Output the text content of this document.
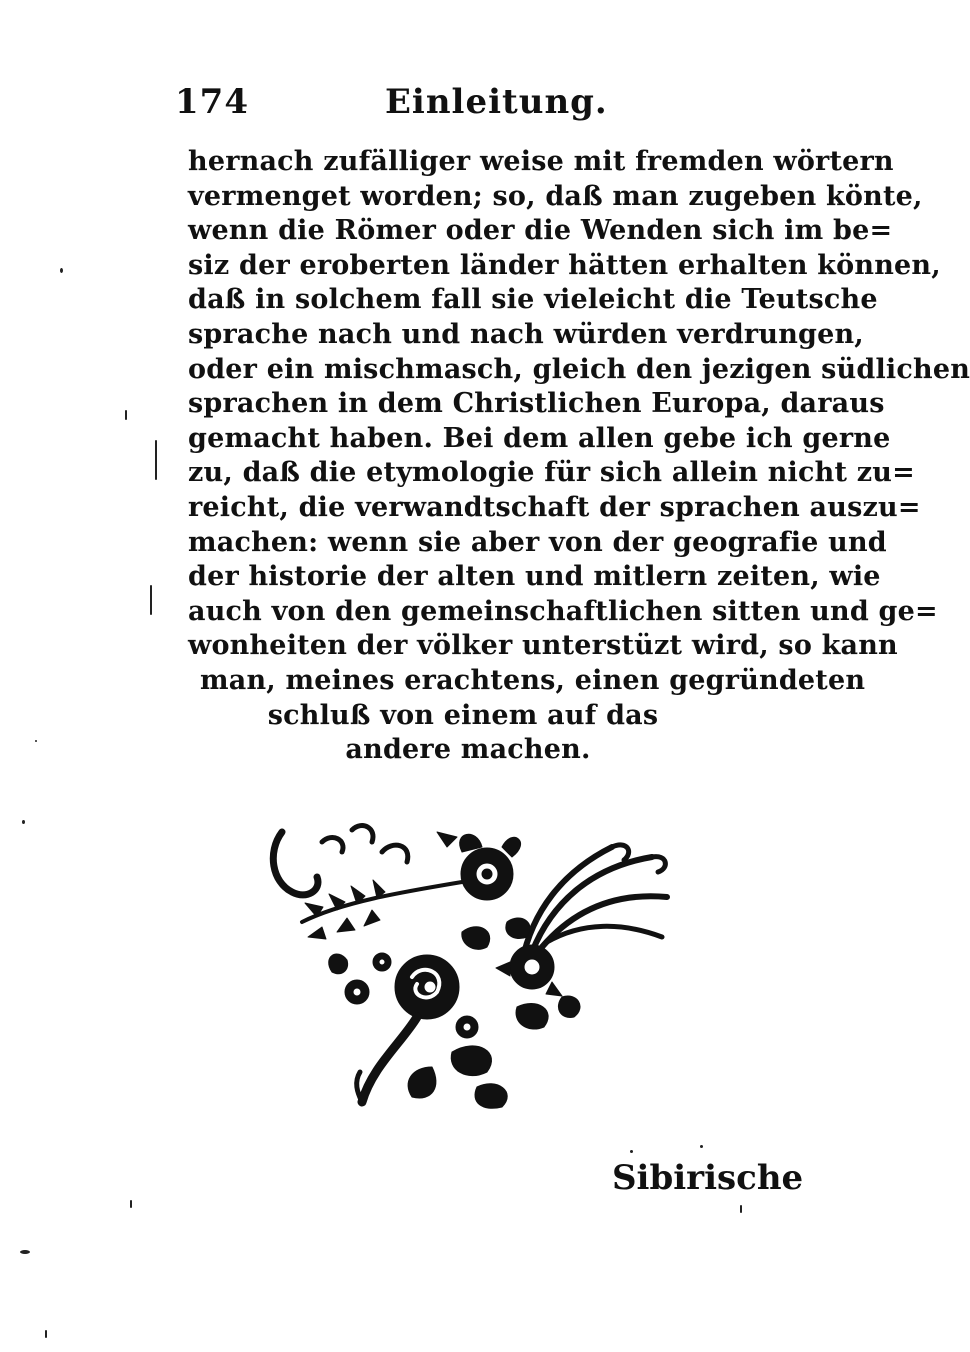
174	Einleitung.
hernach zufälliger weise mit fremden wörtern
vermenget worden; so, daß man zugeben könte,
wenn die Römer oder die Wenden sich im be=
siz der eroberten länder hätten erhalten können,
daß in solchem fall sie vieleicht die Teutsche
sprache nach und nach würden verdrungen,
oder ein mischmasch, gleich den jezigen südlichen
sprachen in dem Christlichen Europa, daraus
gemacht haben. Bei dem allen gebe ich gerne
zu, daß die etymologie für sich allein nicht zu=
reicht, die verwandtschaft der sprachen auszu=
machen: wenn sie aber von der geografie und
der historie der alten und mitlern zeiten, wie
auch von den gemeinschaftlichen sitten und ge=
wonheiten der völker unterstüzt wird, so kann
man, meines erachtens, einen gegründeten
schluß von einem auf das
andere machen.
Sibirische
